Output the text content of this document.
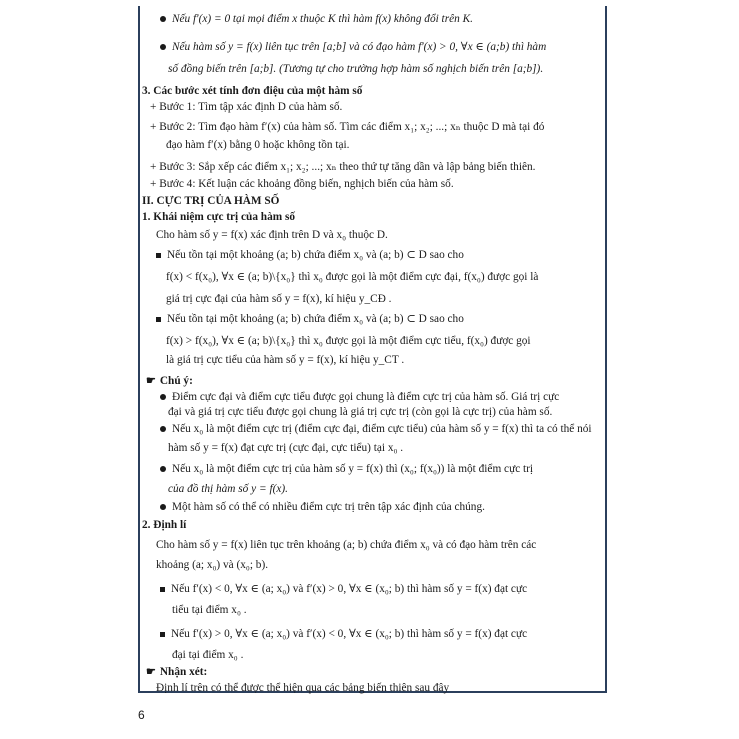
Nếu f′(x) = 0 tại mọi điểm x thuộc K thì hàm f(x) không đổi trên K.
Nếu hàm số y = f(x) liên tục trên [a;b] và có đạo hàm f′(x) > 0, ∀x ∈ (a;b) thì hàm
số đồng biến trên [a;b]. (Tương tự cho trường hợp hàm số nghịch biến trên [a;b]).
3. Các bước xét tính đơn điệu của một hàm số
+ Bước 1: Tìm tập xác định D của hàm số.
+ Bước 2: Tìm đạo hàm f′(x) của hàm số. Tìm các điểm x₁; x₂; ...; xₙ thuộc D mà tại đó
đạo hàm f′(x) bằng 0 hoặc không tồn tại.
+ Bước 3: Sắp xếp các điểm x₁; x₂; ...; xₙ theo thứ tự tăng dần và lập bảng biến thiên.
+ Bước 4: Kết luận các khoảng đồng biến, nghịch biến của hàm số.
II. CỰC TRỊ CỦA HÀM SỐ
1. Khái niệm cực trị của hàm số
Cho hàm số y = f(x) xác định trên D và x₀ thuộc D.
Nếu tồn tại một khoảng (a; b) chứa điểm x₀ và (a; b) ⊂ D sao cho
f(x) < f(x₀), ∀x ∈ (a; b)\{x₀} thì x₀ được gọi là một điểm cực đại, f(x₀) được gọi là
giá trị cực đại của hàm số y = f(x), kí hiệu y_CĐ .
Nếu tồn tại một khoảng (a; b) chứa điểm x₀ và (a; b) ⊂ D sao cho
f(x) > f(x₀), ∀x ∈ (a; b)\{x₀} thì x₀ được gọi là một điểm cực tiểu, f(x₀) được gọi
là giá trị cực tiểu của hàm số y = f(x), kí hiệu y_CT .
☛ Chú ý:
Điểm cực đại và điểm cực tiểu được gọi chung là điểm cực trị của hàm số. Giá trị cực
đại và giá trị cực tiểu được gọi chung là giá trị cực trị (còn gọi là cực trị) của hàm số.
Nếu x₀ là một điểm cực trị (điểm cực đại, điểm cực tiểu) của hàm số y = f(x) thì ta có thể nói
hàm số y = f(x) đạt cực trị (cực đại, cực tiểu) tại x₀ .
Nếu x₀ là một điểm cực trị của hàm số y = f(x) thì (x₀; f(x₀)) là một điểm cực trị
của đồ thị hàm số y = f(x).
Một hàm số có thể có nhiều điểm cực trị trên tập xác định của chúng.
2. Định lí
Cho hàm số y = f(x) liên tục trên khoảng (a; b) chứa điểm x₀ và có đạo hàm trên các
khoảng (a; x₀) và (x₀; b).
Nếu f′(x) < 0, ∀x ∈ (a; x₀) và f′(x) > 0, ∀x ∈ (x₀; b) thì hàm số y = f(x) đạt cực
tiểu tại điểm x₀ .
Nếu f′(x) > 0, ∀x ∈ (a; x₀) và f′(x) < 0, ∀x ∈ (x₀; b) thì hàm số y = f(x) đạt cực
đại tại điểm x₀ .
☛ Nhận xét:
Định lí trên có thể được thể hiện qua các bảng biến thiên sau đây
6
